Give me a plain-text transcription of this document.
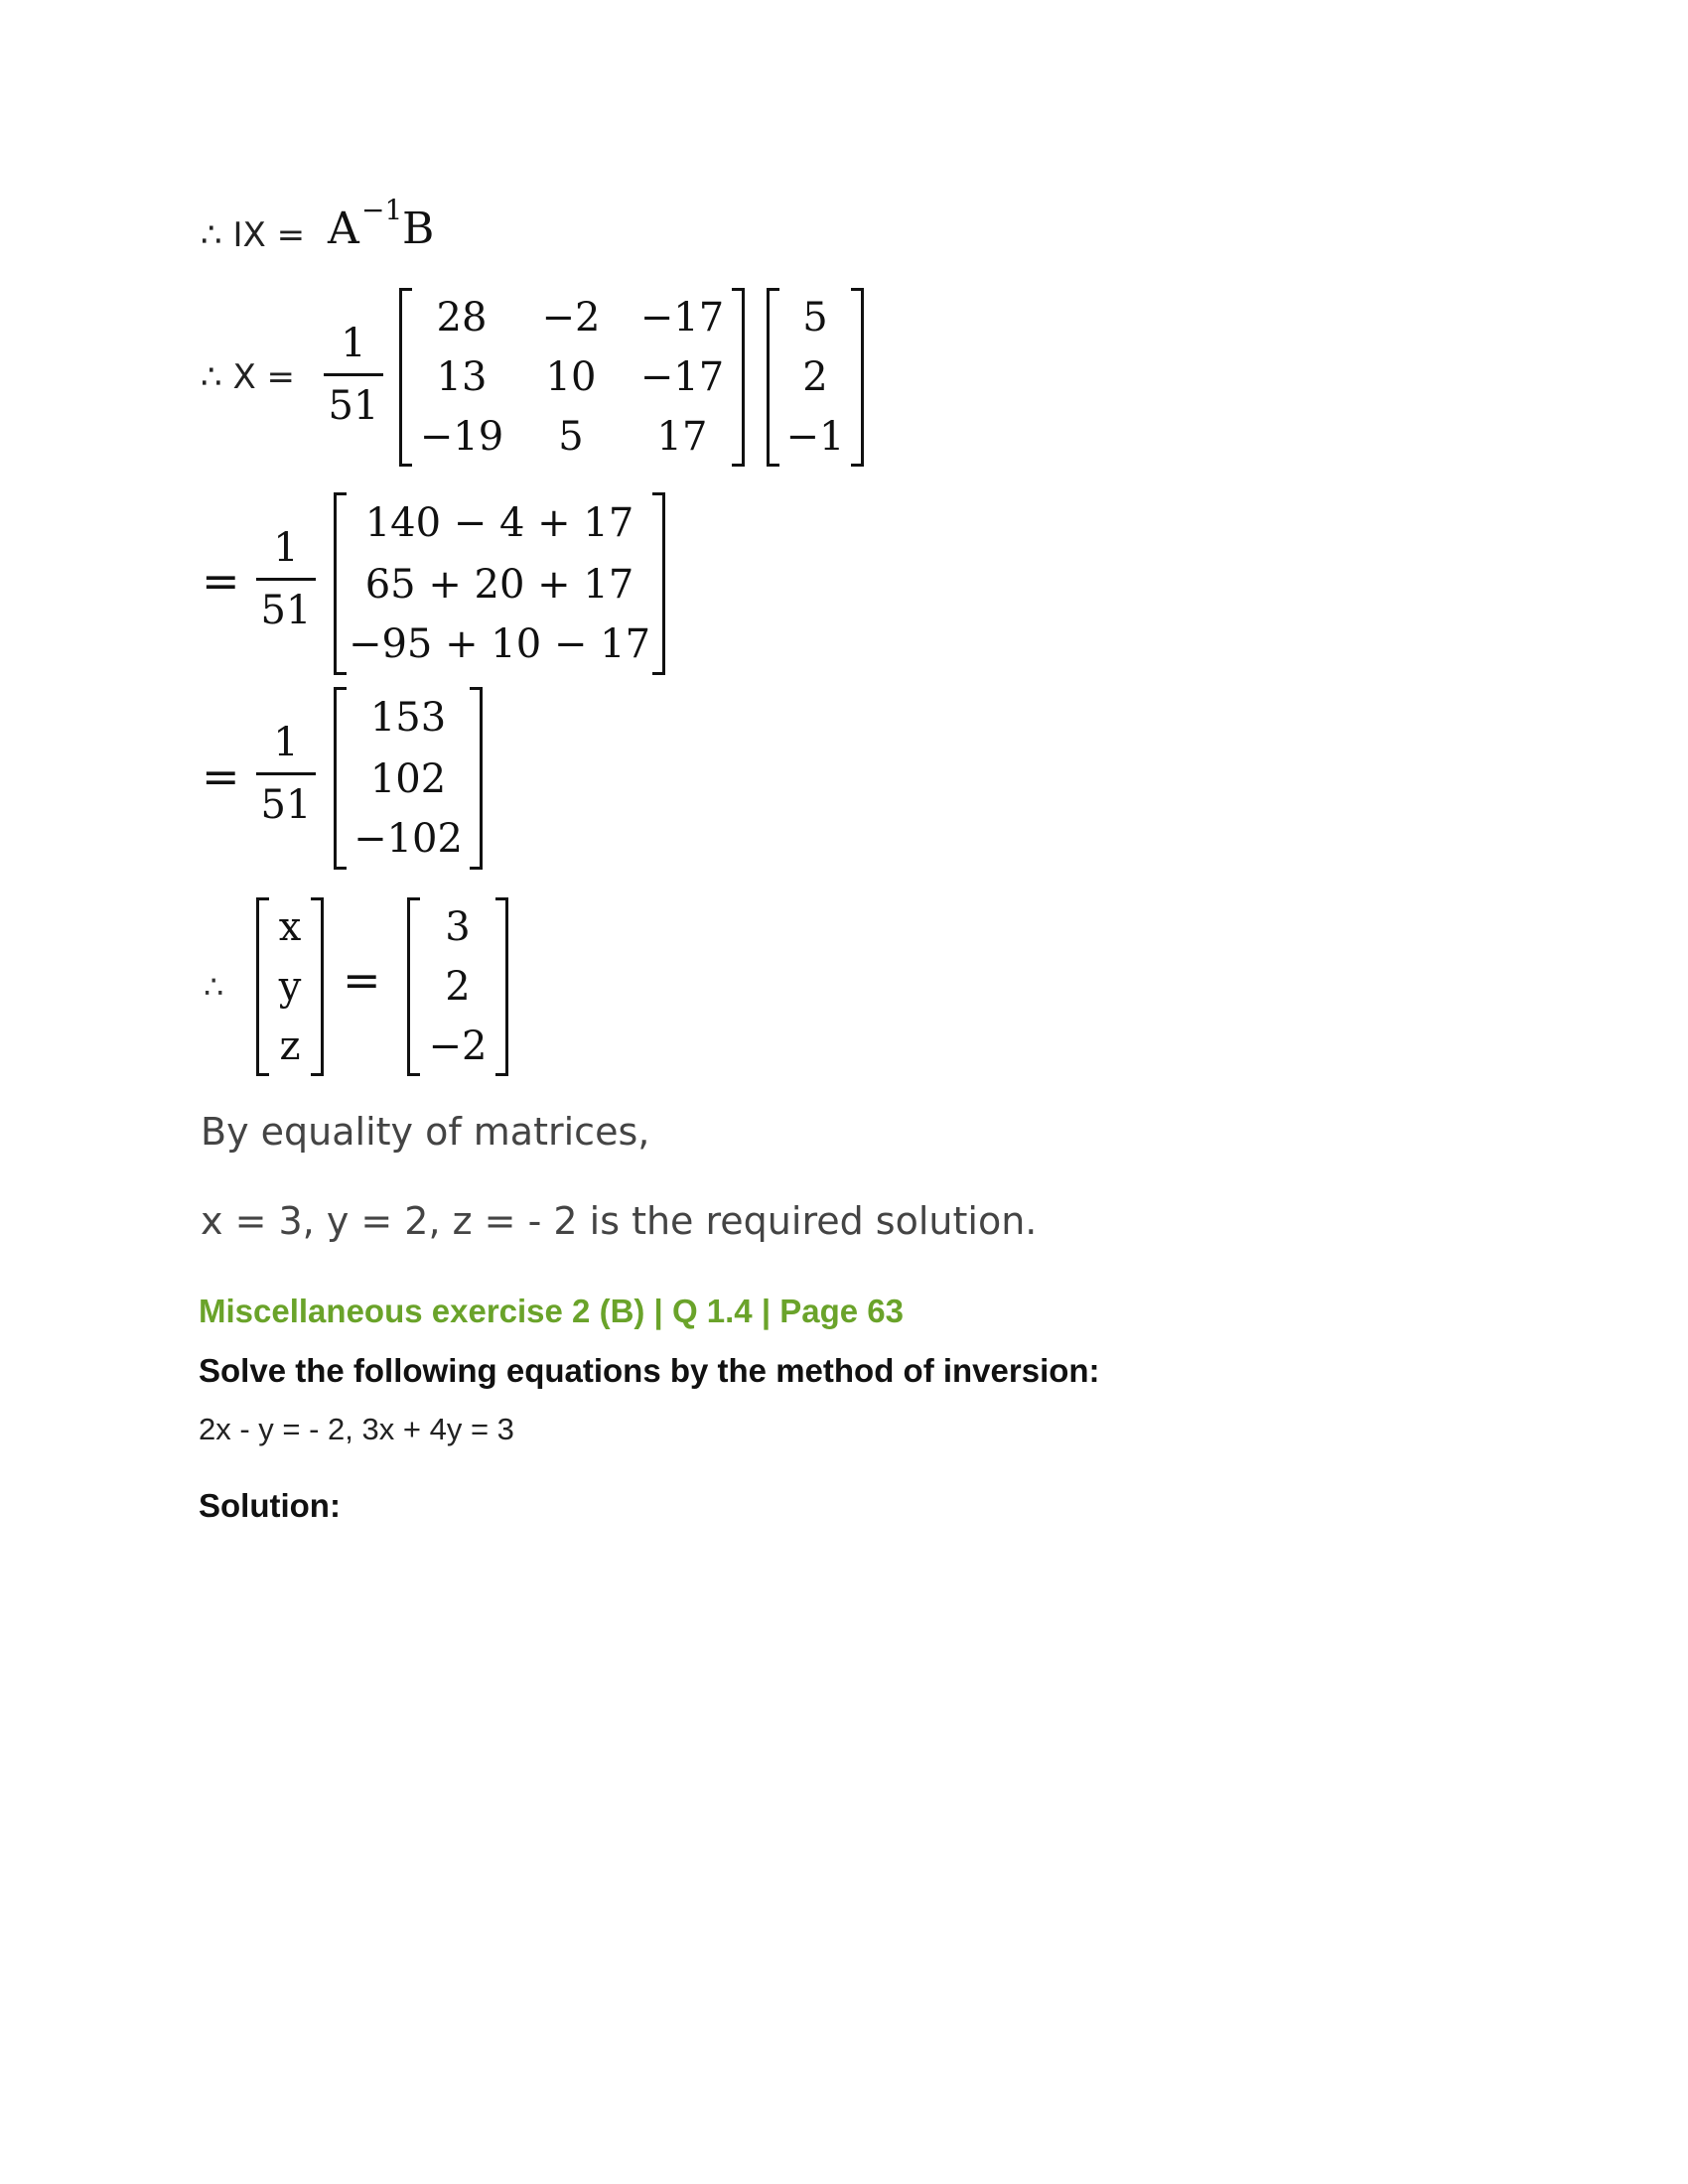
∴ IX = A −1 B
∴ X =
1
51
28	−2	−17
13	10	−17
−19	5	17
5
2
−1
=
1
51
140 − 4 + 17
65 + 20 + 17
−95 + 10 − 17
=
1
51
153
102
−102
∴
x
y
z
=
3
2
−2
By equality of matrices,
x = 3, y = 2, z = - 2 is the required solution.
Miscellaneous exercise 2 (B) | Q 1.4 | Page 63
Solve the following equations by the method of inversion:
2x - y = - 2, 3x + 4y = 3
Solution:
